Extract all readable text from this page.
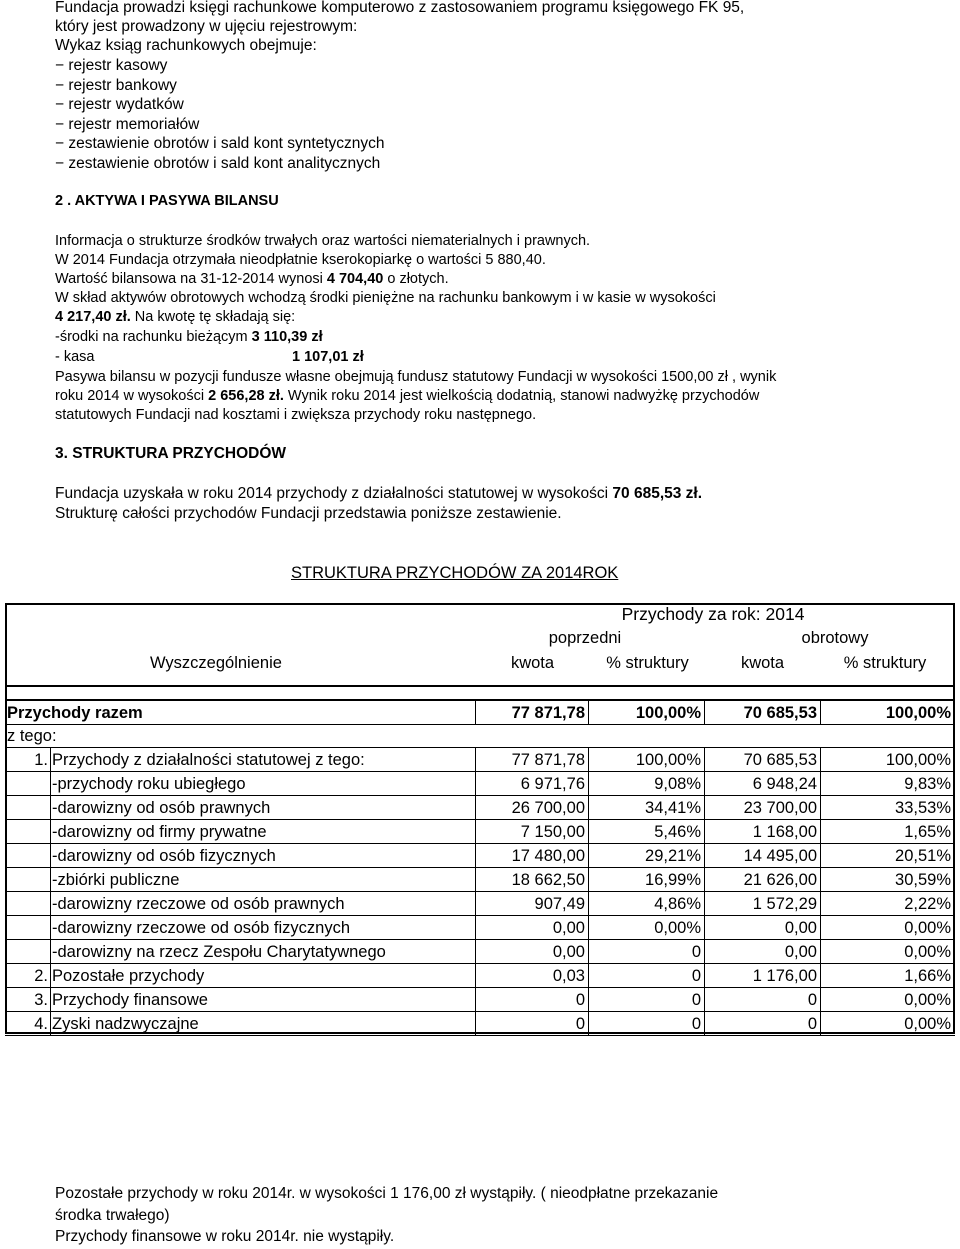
Fundacja prowadzi księgi rachunkowe komputerowo z zastosowaniem programu księgowego FK 95,
który jest prowadzony w ujęciu rejestrowym:
Wykaz ksiąg rachunkowych obejmuje:
− rejestr kasowy
− rejestr bankowy
− rejestr wydatków
− rejestr memoriałów
− zestawienie obrotów i sald kont syntetycznych
− zestawienie obrotów i sald kont analitycznych
2 . AKTYWA I PASYWA BILANSU
Informacja o strukturze środków trwałych oraz wartości niematerialnych i prawnych.
W 2014 Fundacja otrzymała nieodpłatnie kserokopiarkę o wartości 5 880,40.
Wartość bilansowa na 31-12-2014 wynosi 4 704,40 o złotych.
W skład aktywów obrotowych wchodzą środki pieniężne na rachunku bankowym i w kasie w wysokości
4 217,40 zł. Na kwotę tę składają się:
-środki na rachunku bieżącym 3 110,39 zł
- kasa	1 107,01 zł
Pasywa bilansu w pozycji fundusze własne obejmują fundusz statutowy Fundacji w wysokości 1500,00 zł , wynik
roku 2014 w wysokości 2 656,28 zł. Wynik roku 2014 jest wielkością dodatnią, stanowi nadwyżkę przychodów
statutowych Fundacji nad kosztami i zwiększa przychody roku następnego.
3. STRUKTURA PRZYCHODÓW
Fundacja uzyskała w roku 2014 przychody z działalności statutowej w wysokości 70 685,53 zł.
Strukturę całości przychodów Fundacji przedstawia poniższe zestawienie.
STRUKTURA PRZYCHODÓW ZA 2014ROK
Przychody za rok: 2014
poprzedni	obrotowy
Wyszczególnienie	kwota	% struktury	kwota	% struktury
Przychody razem	77 871,78	100,00%	70 685,53	100,00%
z tego:
1. Przychody z działalności statutowej z tego:	77 871,78	100,00%	70 685,53	100,00%
-przychody roku ubiegłego	6 971,76	9,08%	6 948,24	9,83%
-darowizny od osób prawnych	26 700,00	34,41%	23 700,00	33,53%
-darowizny od firmy prywatne	7 150,00	5,46%	1 168,00	1,65%
-darowizny od osób fizycznych	17 480,00	29,21%	14 495,00	20,51%
-zbiórki publiczne	18 662,50	16,99%	21 626,00	30,59%
-darowizny rzeczowe od osób prawnych	907,49	4,86%	1 572,29	2,22%
-darowizny rzeczowe od osób fizycznych	0,00	0,00%	0,00	0,00%
-darowizny na rzecz Zespołu Charytatywnego	0,00	0	0,00	0,00%
2. Pozostałe przychody	0,03	0	1 176,00	1,66%
3. Przychody finansowe	0	0	0	0,00%
4. Zyski nadzwyczajne	0	0	0	0,00%
Pozostałe przychody w roku 2014r. w wysokości 1 176,00 zł wystąpiły. ( nieodpłatne przekazanie
środka trwałego)
Przychody finansowe w roku 2014r. nie wystąpiły.
